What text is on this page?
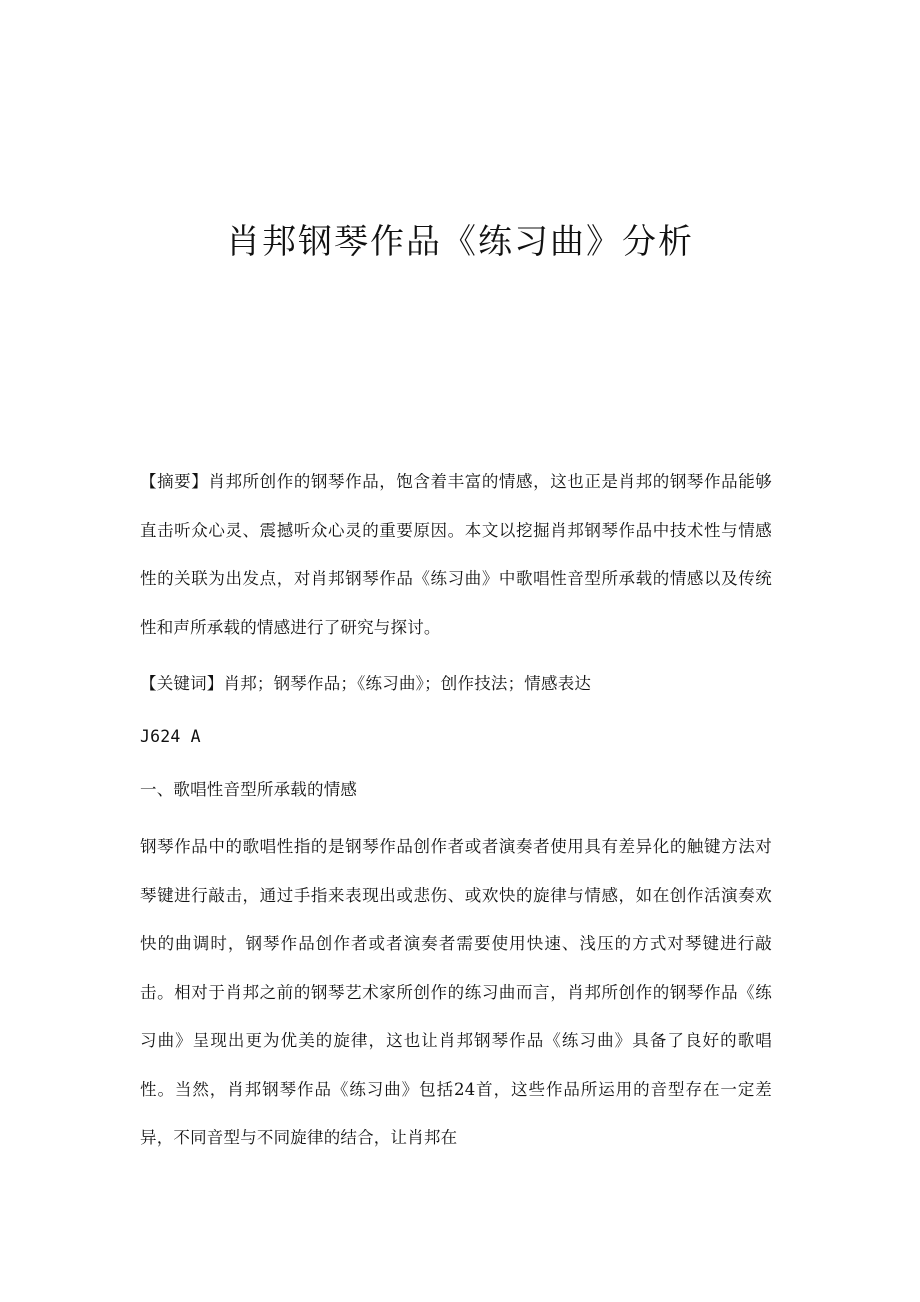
肖邦钢琴作品《练习曲》分析

【摘要】肖邦所创作的钢琴作品，饱含着丰富的情感，这也正是肖邦的钢琴作品能够直击听众心灵、震撼听众心灵的重要原因。本文以挖掘肖邦钢琴作品中技术性与情感性的关联为出发点，对肖邦钢琴作品《练习曲》中歌唱性音型所承载的情感以及传统性和声所承载的情感进行了研究与探讨。

【关键词】肖邦；钢琴作品；《练习曲》；创作技法；情感表达

J624 A

一、歌唱性音型所承载的情感

钢琴作品中的歌唱性指的是钢琴作品创作者或者演奏者使用具有差异化的触键方法对琴键进行敲击，通过手指来表现出或悲伤、或欢快的旋律与情感，如在创作活演奏欢快的曲调时，钢琴作品创作者或者演奏者需要使用快速、浅压的方式对琴键进行敲击。相对于肖邦之前的钢琴艺术家所创作的练习曲而言，肖邦所创作的钢琴作品《练习曲》呈现出更为优美的旋律，这也让肖邦钢琴作品《练习曲》具备了良好的歌唱性。当然，肖邦钢琴作品《练习曲》包括24首，这些作品所运用的音型存在一定差异，不同音型与不同旋律的结合，让肖邦在
